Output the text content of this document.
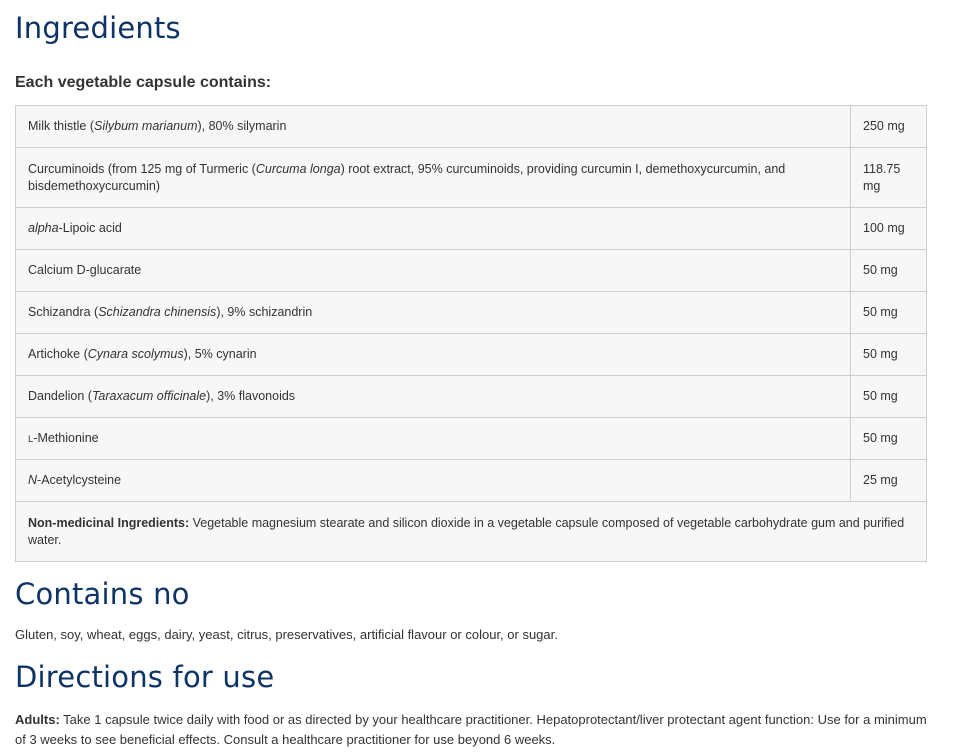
Ingredients
Each vegetable capsule contains:
Milk thistle (Silybum marianum), 80% silymarin	250 mg
Curcuminoids (from 125 mg of Turmeric (Curcuma longa) root extract, 95% curcuminoids, providing curcumin I, demethoxycurcumin, and bisdemethoxycurcumin)	118.75 mg
alpha-Lipoic acid	100 mg
Calcium D-glucarate	50 mg
Schizandra (Schizandra chinensis), 9% schizandrin	50 mg
Artichoke (Cynara scolymus), 5% cynarin	50 mg
Dandelion (Taraxacum officinale), 3% flavonoids	50 mg
L-Methionine	50 mg
N-Acetylcysteine	25 mg
Non-medicinal Ingredients: Vegetable magnesium stearate and silicon dioxide in a vegetable capsule composed of vegetable carbohydrate gum and purified water.	
Contains no
Gluten, soy, wheat, eggs, dairy, yeast, citrus, preservatives, artificial flavour or colour, or sugar.
Directions for use
Adults: Take 1 capsule twice daily with food or as directed by your healthcare practitioner. Hepatoprotectant/liver protectant agent function: Use for a minimum of 3 weeks to see beneficial effects. Consult a healthcare practitioner for use beyond 6 weeks.
